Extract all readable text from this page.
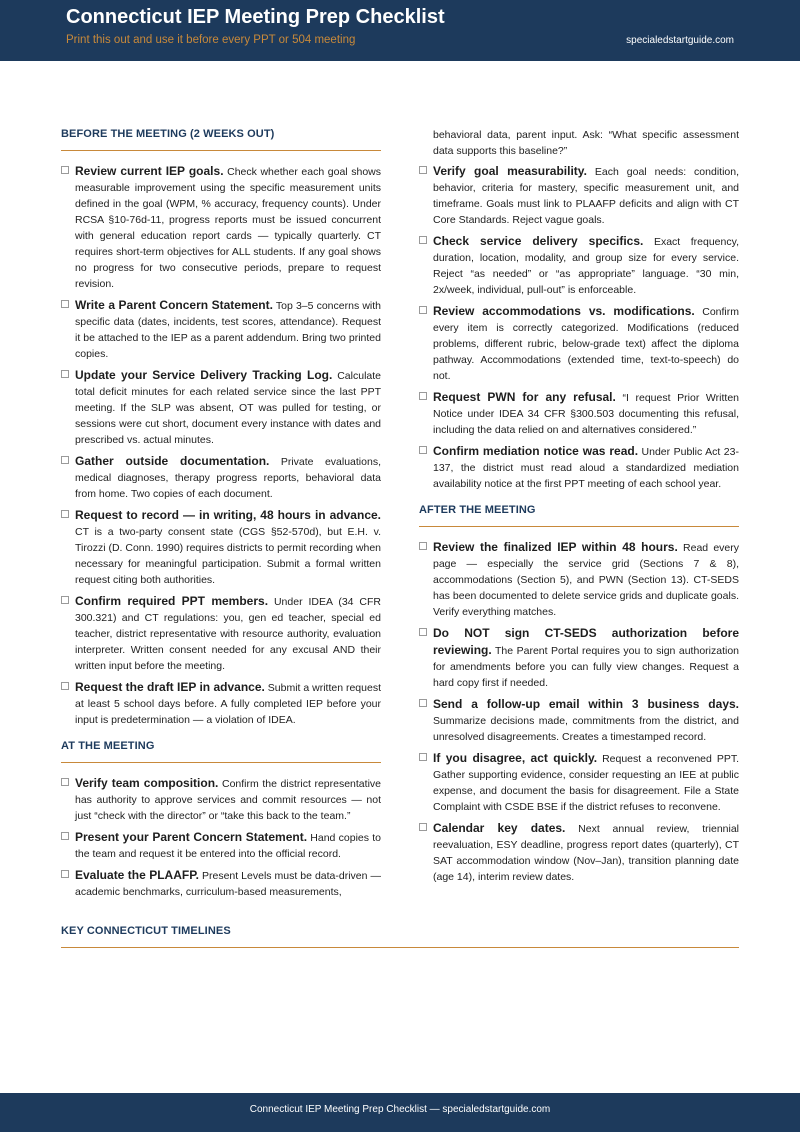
Connecticut IEP Meeting Prep Checklist
Print this out and use it before every PPT or 504 meeting	specialedstartguide.com
BEFORE THE MEETING (2 WEEKS OUT)
Review current IEP goals. Check whether each goal shows measurable improvement using the specific measurement units defined in the goal (WPM, % accuracy, frequency counts). Under RCSA §10-76d-11, progress reports must be issued concurrent with general education report cards — typically quarterly. CT requires short-term objectives for ALL students. If any goal shows no progress for two consecutive periods, prepare to request revision.
Write a Parent Concern Statement. Top 3–5 concerns with specific data (dates, incidents, test scores, attendance). Request it be attached to the IEP as a parent addendum. Bring two printed copies.
Update your Service Delivery Tracking Log. Calculate total deficit minutes for each related service since the last PPT meeting. If the SLP was absent, OT was pulled for testing, or sessions were cut short, document every instance with dates and prescribed vs. actual minutes.
Gather outside documentation. Private evaluations, medical diagnoses, therapy progress reports, behavioral data from home. Two copies of each document.
Request to record — in writing, 48 hours in advance. CT is a two-party consent state (CGS §52-570d), but E.H. v. Tirozzi (D. Conn. 1990) requires districts to permit recording when necessary for meaningful participation. Submit a formal written request citing both authorities.
Confirm required PPT members. Under IDEA (34 CFR 300.321) and CT regulations: you, gen ed teacher, special ed teacher, district representative with resource authority, evaluation interpreter. Written consent needed for any excusal AND their written input before the meeting.
Request the draft IEP in advance. Submit a written request at least 5 school days before. A fully completed IEP before your input is predetermination — a violation of IDEA.
AT THE MEETING
Verify team composition. Confirm the district representative has authority to approve services and commit resources — not just “check with the director” or “take this back to the team.”
Present your Parent Concern Statement. Hand copies to the team and request it be entered into the official record.
Evaluate the PLAAFP. Present Levels must be data-driven — academic benchmarks, curriculum-based measurements,
behavioral data, parent input. Ask: “What specific assessment data supports this baseline?”
Verify goal measurability. Each goal needs: condition, behavior, criteria for mastery, specific measurement unit, and timeframe. Goals must link to PLAAFP deficits and align with CT Core Standards. Reject vague goals.
Check service delivery specifics. Exact frequency, duration, location, modality, and group size for every service. Reject “as needed” or “as appropriate” language. “30 min, 2x/week, individual, pull-out” is enforceable.
Review accommodations vs. modifications. Confirm every item is correctly categorized. Modifications (reduced problems, different rubric, below-grade text) affect the diploma pathway. Accommodations (extended time, text-to-speech) do not.
Request PWN for any refusal. “I request Prior Written Notice under IDEA 34 CFR §300.503 documenting this refusal, including the data relied on and alternatives considered.”
Confirm mediation notice was read. Under Public Act 23-137, the district must read aloud a standardized mediation availability notice at the first PPT meeting of each school year.
AFTER THE MEETING
Review the finalized IEP within 48 hours. Read every page — especially the service grid (Sections 7 & 8), accommodations (Section 5), and PWN (Section 13). CT-SEDS has been documented to delete service grids and duplicate goals. Verify everything matches.
Do NOT sign CT-SEDS authorization before reviewing. The Parent Portal requires you to sign authorization for amendments before you can fully view changes. Request a hard copy first if needed.
Send a follow-up email within 3 business days. Summarize decisions made, commitments from the district, and unresolved disagreements. Creates a timestamped record.
If you disagree, act quickly. Request a reconvened PPT. Gather supporting evidence, consider requesting an IEE at public expense, and document the basis for disagreement. File a State Complaint with CSDE BSE if the district refuses to reconvene.
Calendar key dates. Next annual review, triennial reevaluation, ESY deadline, progress report dates (quarterly), CT SAT accommodation window (Nov–Jan), transition planning date (age 14), interim review dates.
KEY CONNECTICUT TIMELINES
Connecticut IEP Meeting Prep Checklist — specialedstartguide.com
